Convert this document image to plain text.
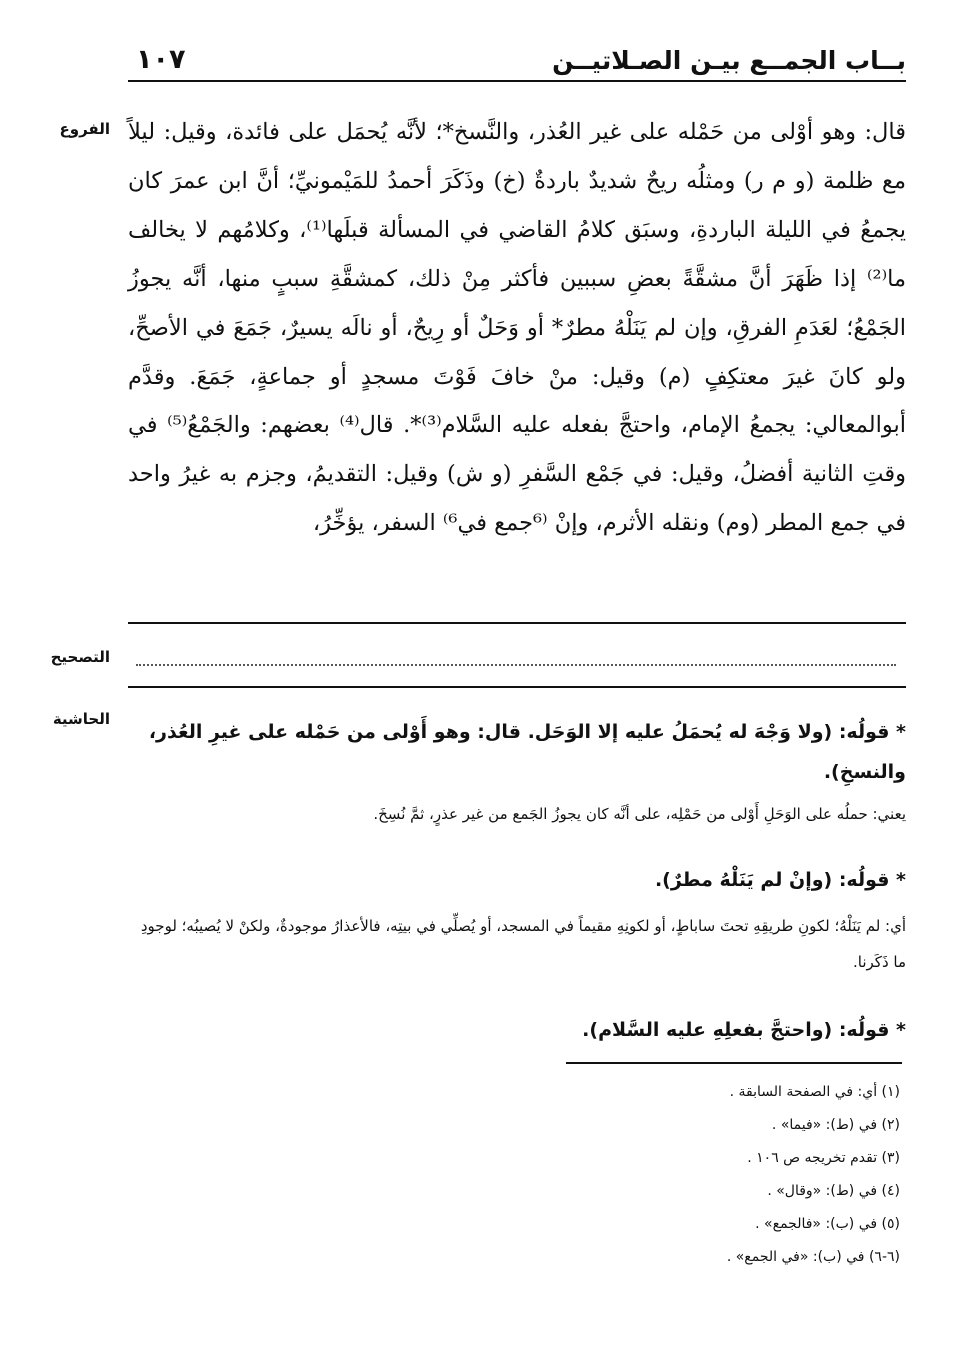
بــاب الجمــع بيـن الصـلاتيــن
١٠٧
الفروع قال: وهو أوْلى من حَمْله على غير العُذر، والنَّسخ*؛ لأنَّه يُحمَل على فائدة، وقيل: ليلاً مع ظلمة (و م ر) ومثلُه ريحٌ شديدٌ باردةٌ (خ) وذَكَرَ أحمدُ للمَيْمونيِّ؛ أنَّ ابن عمرَ كان يجمعُ في الليلة الباردةِ، وسبَق كلامُ القاضي في المسألة قبلَها⁽¹⁾، وكلامُهم لا يخالف ما⁽²⁾ إذا ظَهَرَ أنَّ مشقَّةً بعضِ سببين فأكثر مِنْ ذلك، كمشقَّةِ سببٍ منها، أنَّه يجوزُ الجَمْعُ؛ لعَدَمِ الفرقِ، وإن لم يَنَلْهُ مطرٌ* أو وَحَلٌ أو رِيحٌ، أو نالَه يسيرٌ، جَمَعَ في الأصحِّ، ولو كانَ غيرَ معتكِفٍ (م) وقيل: منْ خافَ فَوْتَ مسجدٍ أو جماعةٍ، جَمَعَ. وقدَّم أبوالمعالي: يجمعُ الإمام، واحتجَّ بفعله عليه السَّلام⁽³⁾*. قال⁽⁴⁾ بعضهم: والجَمْعُ⁽⁵⁾ في وقتِ الثانية أفضلُ، وقيل: في جَمْع السَّفرِ (و ش) وقيل: التقديمُ، وجزم به غيرُ واحد في جمع المطر (وم) ونقله الأثرم، وإنْ ⁽⁶جمع في⁶⁾ السفر، يؤخِّرُ،

التصحيح
الحاشية

* قولُه: (ولا وَجْهَ له يُحمَلُ عليه إلا الوَحَل. قال: وهو أَوْلى من حَمْله على غيرِ العُذر، والنسخِ).

يعني: حملُه على الوَحَلِ أَوْلى من حَمْلِه، على أنَّه كان يجوزُ الجَمع من غير عذرٍ، ثمَّ نُسِخَ.

* قولُه: (وإنْ لم يَنَلْهُ مطرٌ).

أي: لم يَنَلْهُ؛ لكونِ طريقِهِ تحتَ ساباطٍ، أو لكونِهِ مقيماً في المسجد، أو يُصلِّي في بيتِه، فالأعذارُ موجودةٌ، ولكنْ لا يُصيبُه؛ لوجودِ ما ذَكَرنا.

* قولُه: (واحتجَّ بفعلِهِ عليه السَّلام).

(١) أي: في الصفحة السابقة .

(٢) في (ط): «فيما» .

(٣) تقدم تخريجه ص ١٠٦ .

(٤) في (ط): «وقال» .

(٥) في (ب): «فالجمع» .

(٦-٦) في (ب): «في الجمع» .
